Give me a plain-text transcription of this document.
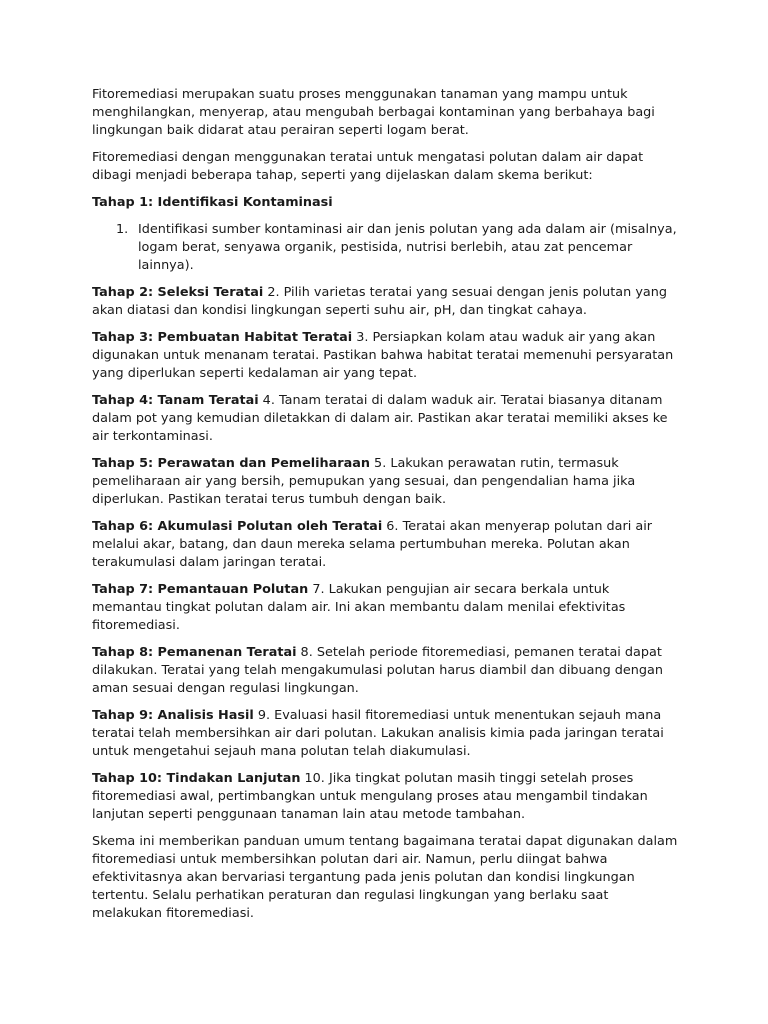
Fitoremediasi merupakan suatu proses menggunakan tanaman yang mampu untuk menghilangkan, menyerap, atau mengubah berbagai kontaminan yang berbahaya bagi lingkungan baik didarat atau perairan seperti logam berat.

Fitoremediasi dengan menggunakan teratai untuk mengatasi polutan dalam air dapat dibagi menjadi beberapa tahap, seperti yang dijelaskan dalam skema berikut:

Tahap 1: Identifikasi Kontaminasi

1. Identifikasi sumber kontaminasi air dan jenis polutan yang ada dalam air (misalnya, logam berat, senyawa organik, pestisida, nutrisi berlebih, atau zat pencemar lainnya).

Tahap 2: Seleksi Teratai 2. Pilih varietas teratai yang sesuai dengan jenis polutan yang akan diatasi dan kondisi lingkungan seperti suhu air, pH, dan tingkat cahaya.

Tahap 3: Pembuatan Habitat Teratai 3. Persiapkan kolam atau waduk air yang akan digunakan untuk menanam teratai. Pastikan bahwa habitat teratai memenuhi persyaratan yang diperlukan seperti kedalaman air yang tepat.

Tahap 4: Tanam Teratai 4. Tanam teratai di dalam waduk air. Teratai biasanya ditanam dalam pot yang kemudian diletakkan di dalam air. Pastikan akar teratai memiliki akses ke air terkontaminasi.

Tahap 5: Perawatan dan Pemeliharaan 5. Lakukan perawatan rutin, termasuk pemeliharaan air yang bersih, pemupukan yang sesuai, dan pengendalian hama jika diperlukan. Pastikan teratai terus tumbuh dengan baik.

Tahap 6: Akumulasi Polutan oleh Teratai 6. Teratai akan menyerap polutan dari air melalui akar, batang, dan daun mereka selama pertumbuhan mereka. Polutan akan terakumulasi dalam jaringan teratai.

Tahap 7: Pemantauan Polutan 7. Lakukan pengujian air secara berkala untuk memantau tingkat polutan dalam air. Ini akan membantu dalam menilai efektivitas fitoremediasi.

Tahap 8: Pemanenan Teratai 8. Setelah periode fitoremediasi, pemanen teratai dapat dilakukan. Teratai yang telah mengakumulasi polutan harus diambil dan dibuang dengan aman sesuai dengan regulasi lingkungan.

Tahap 9: Analisis Hasil 9. Evaluasi hasil fitoremediasi untuk menentukan sejauh mana teratai telah membersihkan air dari polutan. Lakukan analisis kimia pada jaringan teratai untuk mengetahui sejauh mana polutan telah diakumulasi.

Tahap 10: Tindakan Lanjutan 10. Jika tingkat polutan masih tinggi setelah proses fitoremediasi awal, pertimbangkan untuk mengulang proses atau mengambil tindakan lanjutan seperti penggunaan tanaman lain atau metode tambahan.

Skema ini memberikan panduan umum tentang bagaimana teratai dapat digunakan dalam fitoremediasi untuk membersihkan polutan dari air. Namun, perlu diingat bahwa efektivitasnya akan bervariasi tergantung pada jenis polutan dan kondisi lingkungan tertentu. Selalu perhatikan peraturan dan regulasi lingkungan yang berlaku saat melakukan fitoremediasi.
